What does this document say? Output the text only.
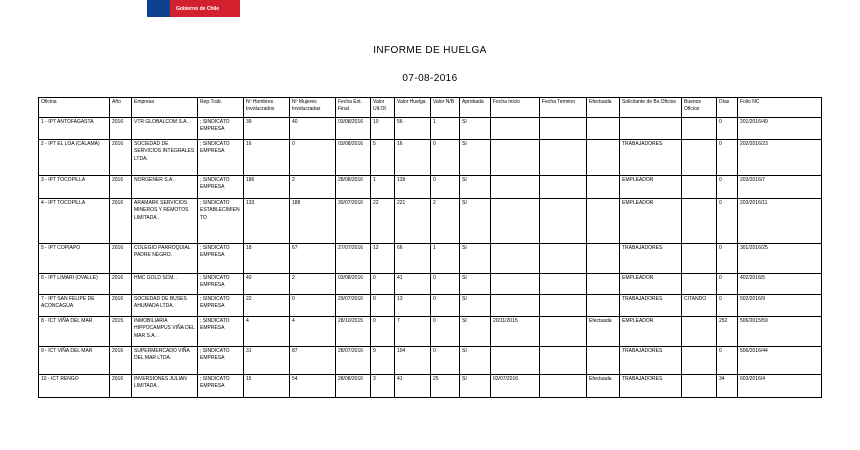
Gobierno de Chile
INFORME DE HUELGA
07-08-2016
Oficina	Año	Empresa	Rep.Trab.	Nº Hombres Involucrados	Nº Mujeres Involucradas	Fecha Ext. Final	Valor Ult.Of.	Valor Huelga	Valor N/B	Aprobada	Fecha Inicio	Fecha Termino	Efectuada	Solicitante de Bs.Oficios	Buenos Oficios	Días	Folio NC
1 - IPT ANTOFAGASTA	2016	VTR GLOBALCOM S.A. .	; SINDICATO EMPRESA	39	40	03/08/2016	10	56	1	SI						0	201/2016/49
2 - IPT EL LOA (CALAMA)	2016	SOCIEDAD DE SERVICIOS INTEGRALES LTDA.	; SINDICATO EMPRESA	16	0	03/08/2016	5	16	0	SI				TRABAJADORES		0	202/2016/23
3 - IPT TOCOPILLA	2016	NORGENER S.A. .	; SINDICATO EMPRESA	186	2	28/08/2016	1	139	0	SI				EMPLEADOR		0	203/2016/7
4 - IPT TOCOPILLA	2016	ARAMARK SERVICIOS MINEROS Y REMOTOS LIMITADA .	; SINDICATO ESTABLECIMIENTO	133	188	30/07/2016	22	221	2	SI				EMPLEADOR		0	203/2016/11
5 - IPT COPIAPO	2016	COLEGIO PARROQUIAL PADRE NEGRO.	; SINDICATO EMPRESA	18	67	27/07/2016	12	66	1	SI				TRABAJADORES		0	301/2016/25
6 - IPT LIMARI (OVALLE)	2016	HMC GOLD SCM. .	; SINDICATO EMPRESA	40	2	03/08/2016	0	41	0	SI				EMPLEADOR		0	402/2016/5
7 - IPT SAN FELIPE DE ACONCAGUA	2016	SOCIEDAD DE BUSES AHUMADA LTDA. .	; SINDICATO EMPRESA	22	0	29/07/2016	0	13	0	SI				TRABAJADORES	CITANDO	0	502/2016/9
8 - ICT VIÑA DEL MAR	2015	INMOBILIARIA HIPPOCAMPUS VIÑA DEL MAR S.A. .	; SINDICATO EMPRESA	4	4	28/10/2015	0	7	0	SI	20/11/2015		Efectuada	EMPLEADOR		252	506/2015/59
9 - ICT VIÑA DEL MAR	2016	SUPERMERCADO VIÑA DEL MAR LTDA.	; SINDICATO EMPRESA	31	87	28/07/2016	9	104	0	SI				TRABAJADORES		0	506/2016/44
10 - ICT RENGO	2016	INVERSIONES JULIAN LIMITADA .	; SINDICATO EMPRESA	15	54	28/08/2016	3	41	25	SI	03/07/2016		Efectuada	TRABAJADORES		34	603/2016/4
